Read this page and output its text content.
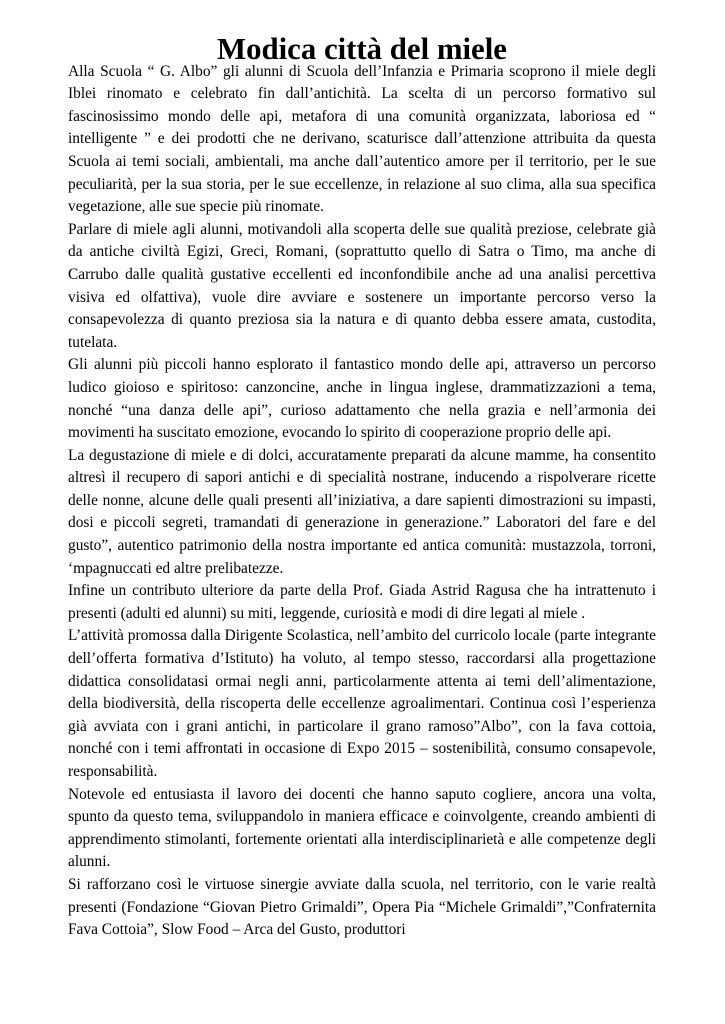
Modica città del miele

Alla Scuola “ G. Albo” gli alunni di Scuola dell’Infanzia e Primaria scoprono il miele degli Iblei rinomato e celebrato fin dall’antichità. La scelta di un percorso formativo sul fascinosissimo mondo delle api, metafora di una comunità organizzata, laboriosa ed “ intelligente ” e dei prodotti che ne derivano, scaturisce dall’attenzione attribuita da questa Scuola ai temi sociali, ambientali, ma anche dall’autentico amore per il territorio, per le sue peculiarità, per la sua storia, per le sue eccellenze, in relazione al suo clima, alla sua specifica vegetazione, alle sue specie più rinomate.

Parlare di miele agli alunni, motivandoli alla scoperta delle sue qualità preziose, celebrate già da antiche civiltà Egizi, Greci, Romani, (soprattutto quello di Satra o Timo, ma anche di Carrubo dalle qualità gustative eccellenti ed inconfondibile anche ad una analisi percettiva visiva ed olfattiva), vuole dire avviare e sostenere un importante percorso verso la consapevolezza di quanto preziosa sia la natura e di quanto debba essere amata, custodita, tutelata.

Gli alunni più piccoli hanno esplorato il fantastico mondo delle api, attraverso un percorso ludico gioioso e spiritoso: canzoncine, anche in lingua inglese, drammatizzazioni a tema, nonché “una danza delle api”, curioso adattamento che nella grazia e nell’armonia dei movimenti ha suscitato emozione, evocando lo spirito di cooperazione proprio delle api.

La degustazione di miele e di dolci, accuratamente preparati da alcune mamme, ha consentito altresì il recupero di sapori antichi e di specialità nostrane, inducendo a rispolverare ricette delle nonne, alcune delle quali presenti all’iniziativa, a dare sapienti dimostrazioni su impasti, dosi e piccoli segreti, tramandati di generazione in generazione.” Laboratori del fare e del gusto”, autentico patrimonio della nostra importante ed antica comunità: mustazzola, torroni, ‘mpagnuccati ed altre prelibatezze.

Infine un contributo ulteriore da parte della Prof. Giada Astrid Ragusa che ha intrattenuto i presenti (adulti ed alunni) su miti, leggende, curiosità e modi di dire legati al miele .

L’attività promossa dalla Dirigente Scolastica, nell’ambito del curricolo locale (parte integrante dell’offerta formativa d’Istituto) ha voluto, al tempo stesso, raccordarsi alla progettazione didattica consolidatasi ormai negli anni, particolarmente attenta ai temi dell’alimentazione, della biodiversità, della riscoperta delle eccellenze agroalimentari. Continua così l’esperienza già avviata con i grani antichi, in particolare il grano ramoso”Albo”, con la fava cottoia, nonché con i temi affrontati in occasione di Expo 2015 – sostenibilità, consumo consapevole, responsabilità.

Notevole ed entusiasta il lavoro dei docenti che hanno saputo cogliere, ancora una volta, spunto da questo tema, sviluppandolo in maniera efficace e coinvolgente, creando ambienti di apprendimento stimolanti, fortemente orientati alla interdisciplinarietà e alle competenze degli alunni.

Si rafforzano così le virtuose sinergie avviate dalla scuola, nel territorio, con le varie realtà presenti (Fondazione “Giovan Pietro Grimaldi”, Opera Pia “Michele Grimaldi”,”Confraternita Fava Cottoia”, Slow Food – Arca del Gusto, produttori
